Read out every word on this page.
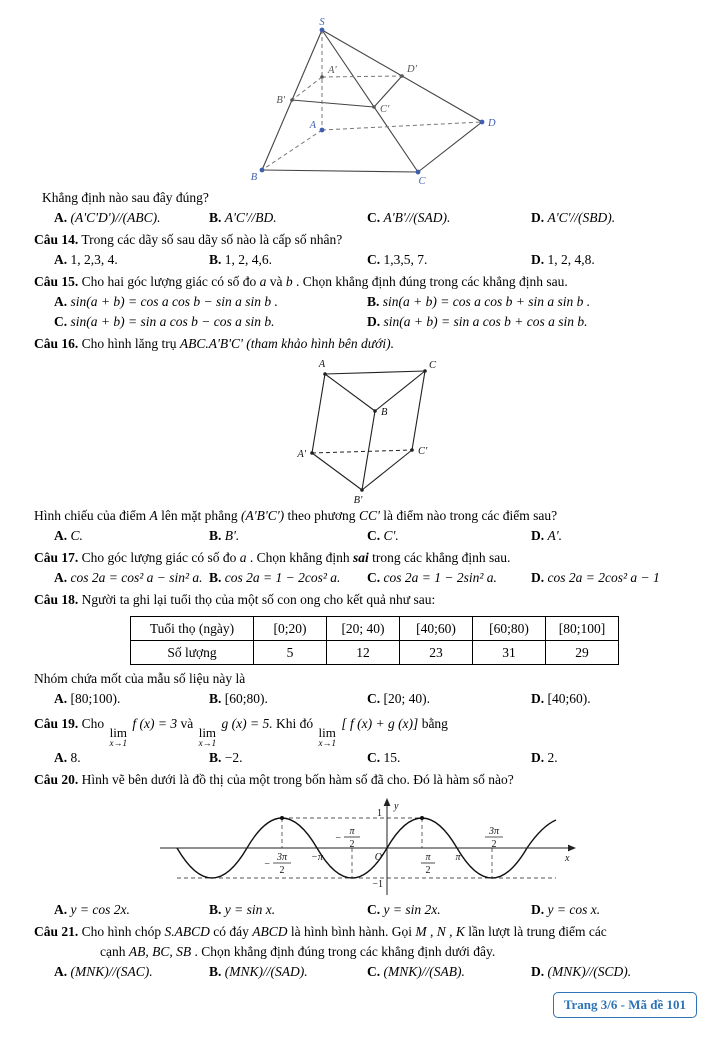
S
B	C
D
A
A'
B'
C'
D'
Khẳng định nào sau đây đúng?
A. (A'C'D')//(ABC).	B. A'C'//BD.	C. A'B'//(SAD).	D. A'C'//(SBD).
Câu 14. Trong các dãy số sau dãy số nào là cấp số nhân?
A. 1, 2,3, 4.	B. 1, 2, 4,6.	C. 1,3,5, 7.	D. 1, 2, 4,8.
Câu 15. Cho hai góc lượng giác có số đo a và b . Chọn khẳng định đúng trong các khẳng định sau.
A. sin(a + b) = cos a cos b − sin a sin b .	B. sin(a + b) = cos a cos b + sin a sin b .
C. sin(a + b) = sin a cos b − cos a sin b.	D. sin(a + b) = sin a cos b + cos a sin b.
Câu 16. Cho hình lăng trụ ABC.A'B'C' (tham khảo hình bên dưới).
A	C
B
A'	C'
B'
Hình chiếu của điểm A lên mặt phẳng (A'B'C') theo phương CC' là điểm nào trong các điểm sau?
A. C.	B. B'.	C. C'.	D. A'.
Câu 17. Cho góc lượng giác có số đo a . Chọn khẳng định sai trong các khẳng định sau.
A. cos 2a = cos² a − sin² a. B. cos 2a = 1 − 2cos² a.	C. cos 2a = 1 − 2sin² a.	D. cos 2a = 2cos² a − 1
Câu 18. Người ta ghi lại tuổi thọ của một số con ong cho kết quả như sau:
Tuổi thọ (ngày)	[0;20)	[20; 40)	[40;60)	[60;80)	[80;100]
Số lượng	5	12	23	31	29
Nhóm chứa mốt của mẫu số liệu này là
A. [80;100).	B. [60;80).	C. [20; 40).	D. [40;60).
Câu 19. Cho
lim
x→1
f (x) = 3 và
lim
x→1
g (x) = 5. Khi đó
lim
x→1
[ f (x) + g (x)] bằng
A. 8.	B. −2.	C. 15.	D. 2.
Câu 20. Hình vẽ bên dưới là đồ thị của một trong bốn hàm số đã cho. Đó là hàm số nào?
y
x
1
−1
O
−π	π
π
2
−
3π
2
−
π
2
3π
2
A. y = cos 2x.	B. y = sin x.	C. y = sin 2x.	D. y = cos x.
Câu 21. Cho hình chóp S.ABCD có đáy ABCD là hình bình hành. Gọi M , N , K lần lượt là trung điểm các
cạnh AB, BC, SB . Chọn khẳng định đúng trong các khẳng định dưới đây.
A. (MNK)//(SAC).	B. (MNK)//(SAD).	C. (MNK)//(SAB).	D. (MNK)//(SCD).
Trang 3/6 - Mã đề 101
